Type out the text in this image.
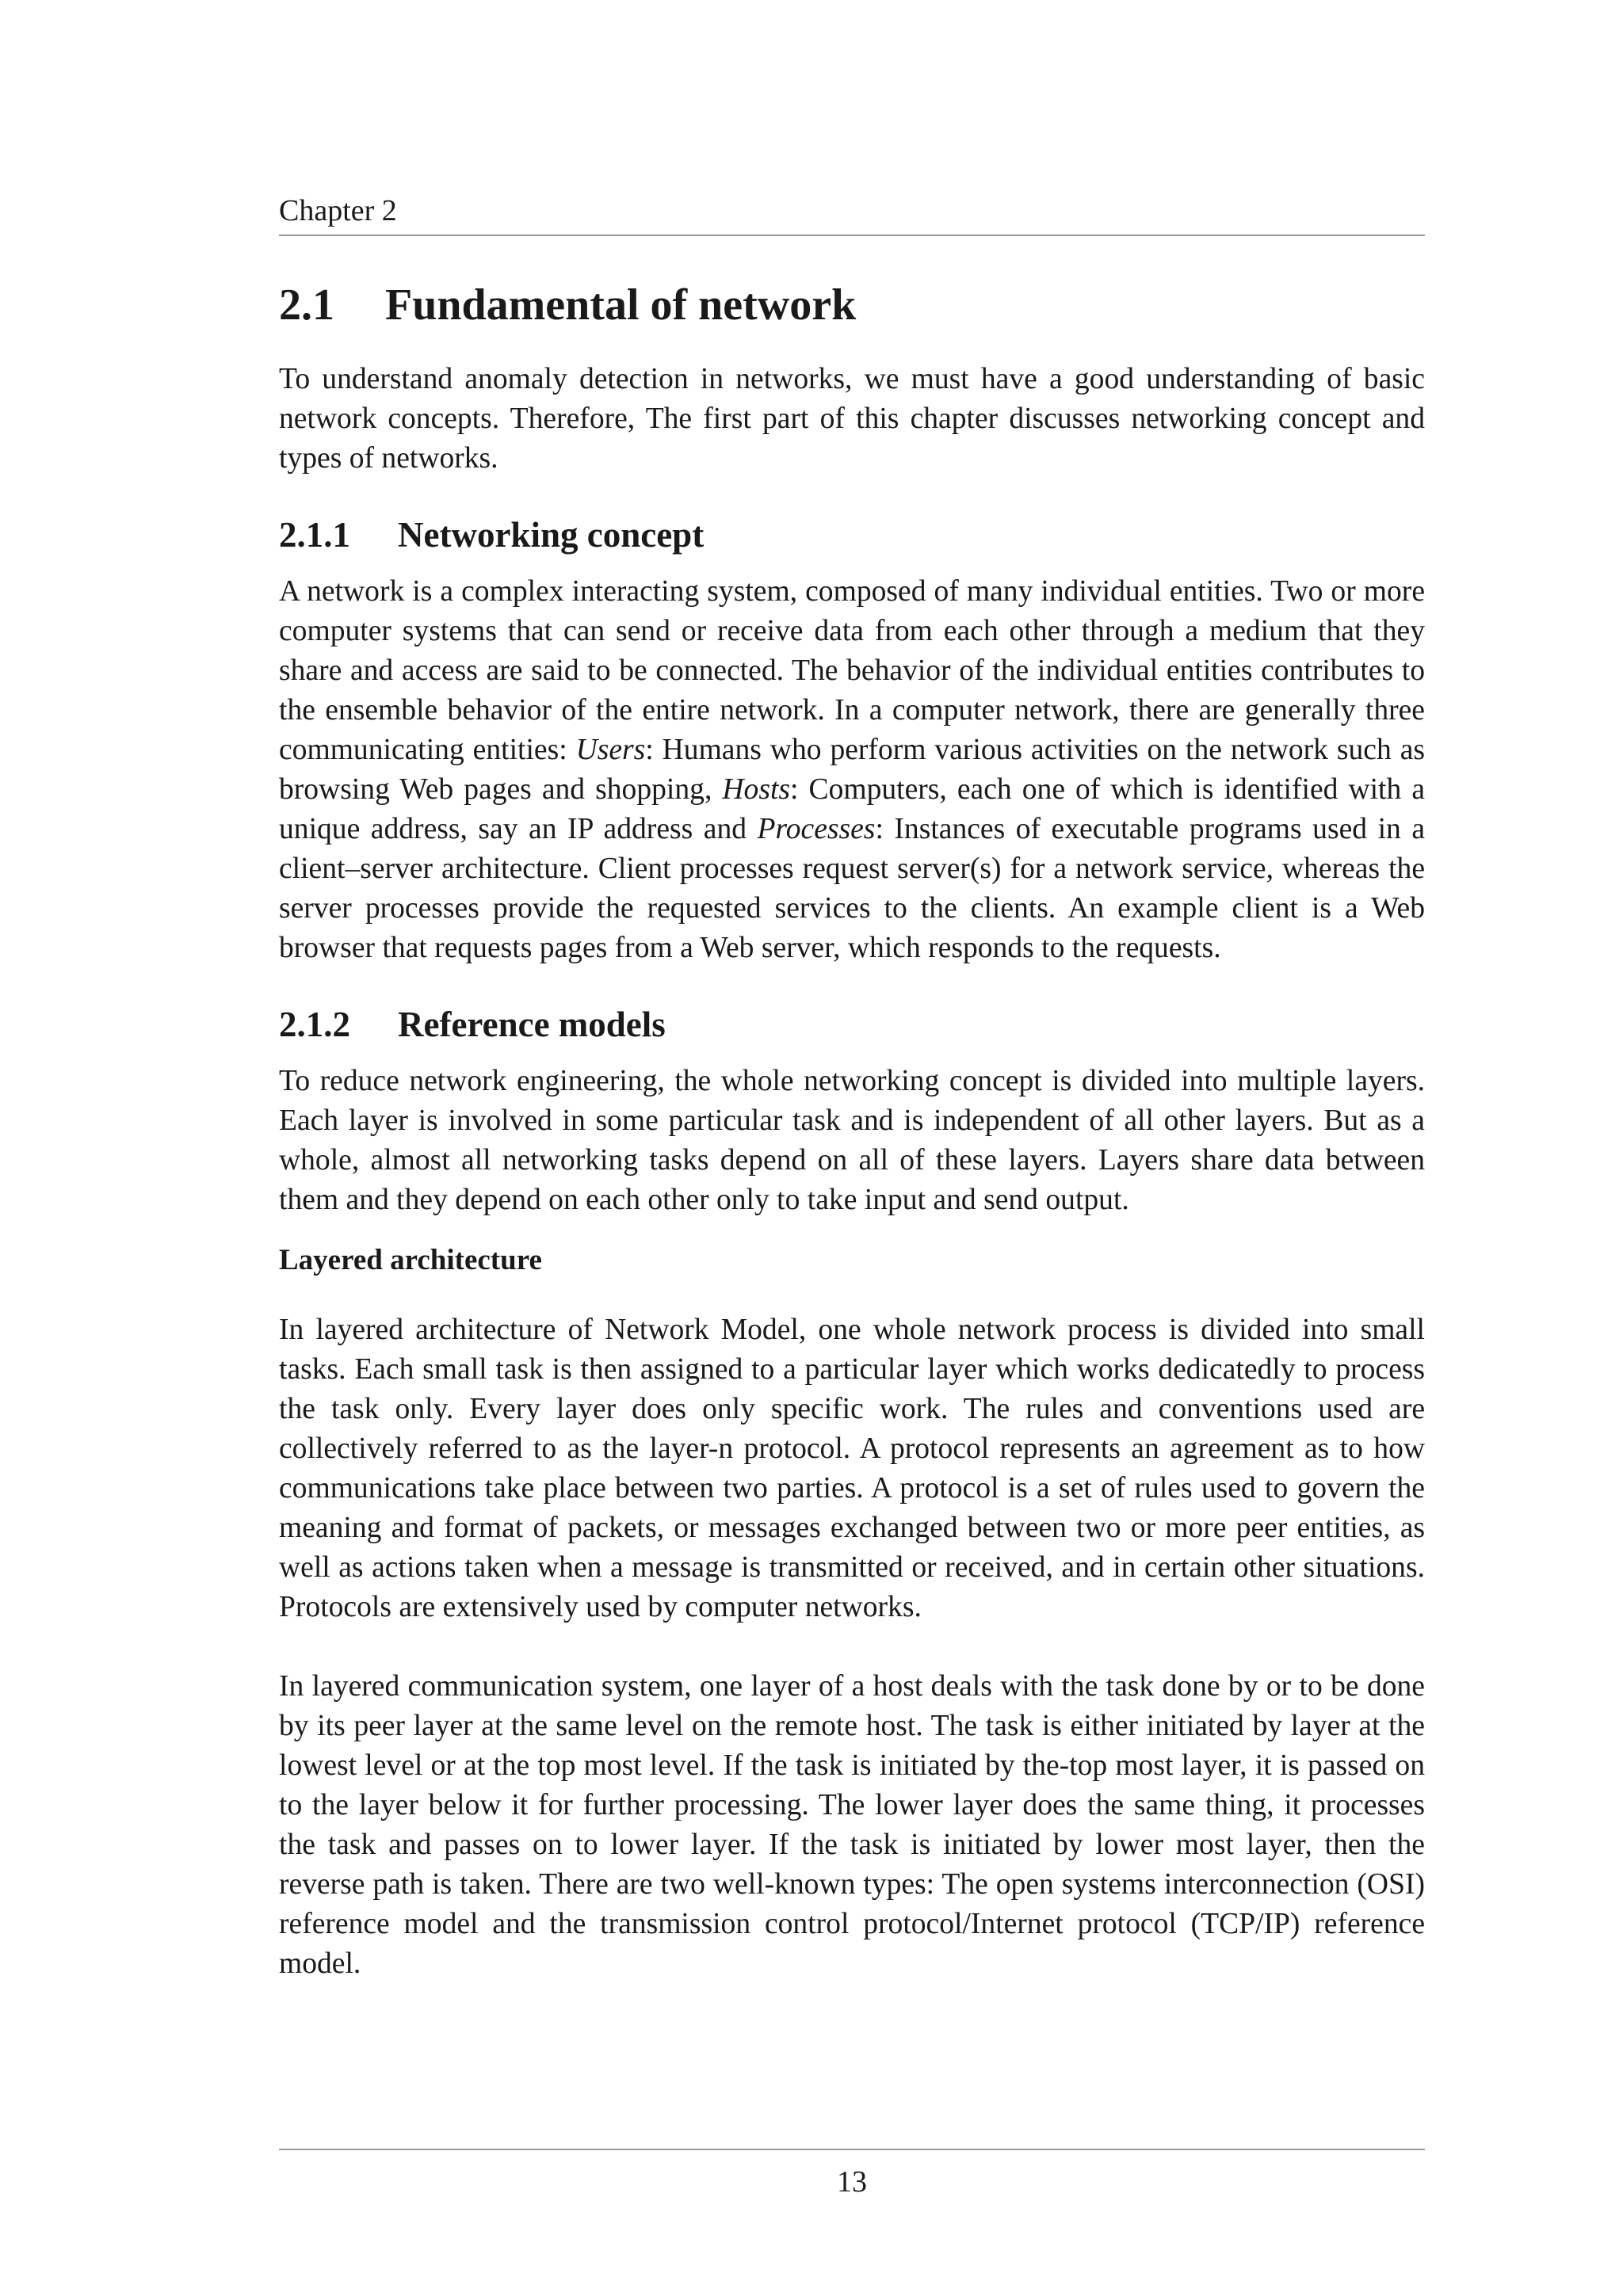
Chapter 2
2.1 Fundamental of network

To understand anomaly detection in networks, we must have a good understanding of basic network concepts. Therefore, The first part of this chapter discusses networking concept and types of networks.

2.1.1 Networking concept

A network is a complex interacting system, composed of many individual entities. Two or more computer systems that can send or receive data from each other through a medium that they share and access are said to be connected. The behavior of the individual entities contributes to the ensemble behavior of the entire network. In a computer network, there are generally three communicating entities: Users: Humans who perform various activities on the network such as browsing Web pages and shopping, Hosts: Computers, each one of which is identified with a unique address, say an IP address and Processes: Instances of executable programs used in a client–server architecture. Client processes request server(s) for a network service, whereas the server processes provide the requested services to the clients. An example client is a Web browser that requests pages from a Web server, which responds to the requests.

2.1.2 Reference models

To reduce network engineering, the whole networking concept is divided into multiple layers. Each layer is involved in some particular task and is independent of all other layers. But as a whole, almost all networking tasks depend on all of these layers. Layers share data between them and they depend on each other only to take input and send output.

Layered architecture

In layered architecture of Network Model, one whole network process is divided into small tasks. Each small task is then assigned to a particular layer which works dedicatedly to process the task only. Every layer does only specific work. The rules and conventions used are collectively referred to as the layer-n protocol. A protocol represents an agreement as to how communications take place between two parties. A protocol is a set of rules used to govern the meaning and format of packets, or messages exchanged between two or more peer entities, as well as actions taken when a message is transmitted or received, and in certain other situations. Protocols are extensively used by computer networks.

In layered communication system, one layer of a host deals with the task done by or to be done by its peer layer at the same level on the remote host. The task is either initiated by layer at the lowest level or at the top most level. If the task is initiated by the-top most layer, it is passed on to the layer below it for further processing. The lower layer does the same thing, it processes the task and passes on to lower layer. If the task is initiated by lower most layer, then the reverse path is taken. There are two well-known types: The open systems interconnection (OSI) reference model and the transmission control protocol/Internet protocol (TCP/IP) reference model.

13
